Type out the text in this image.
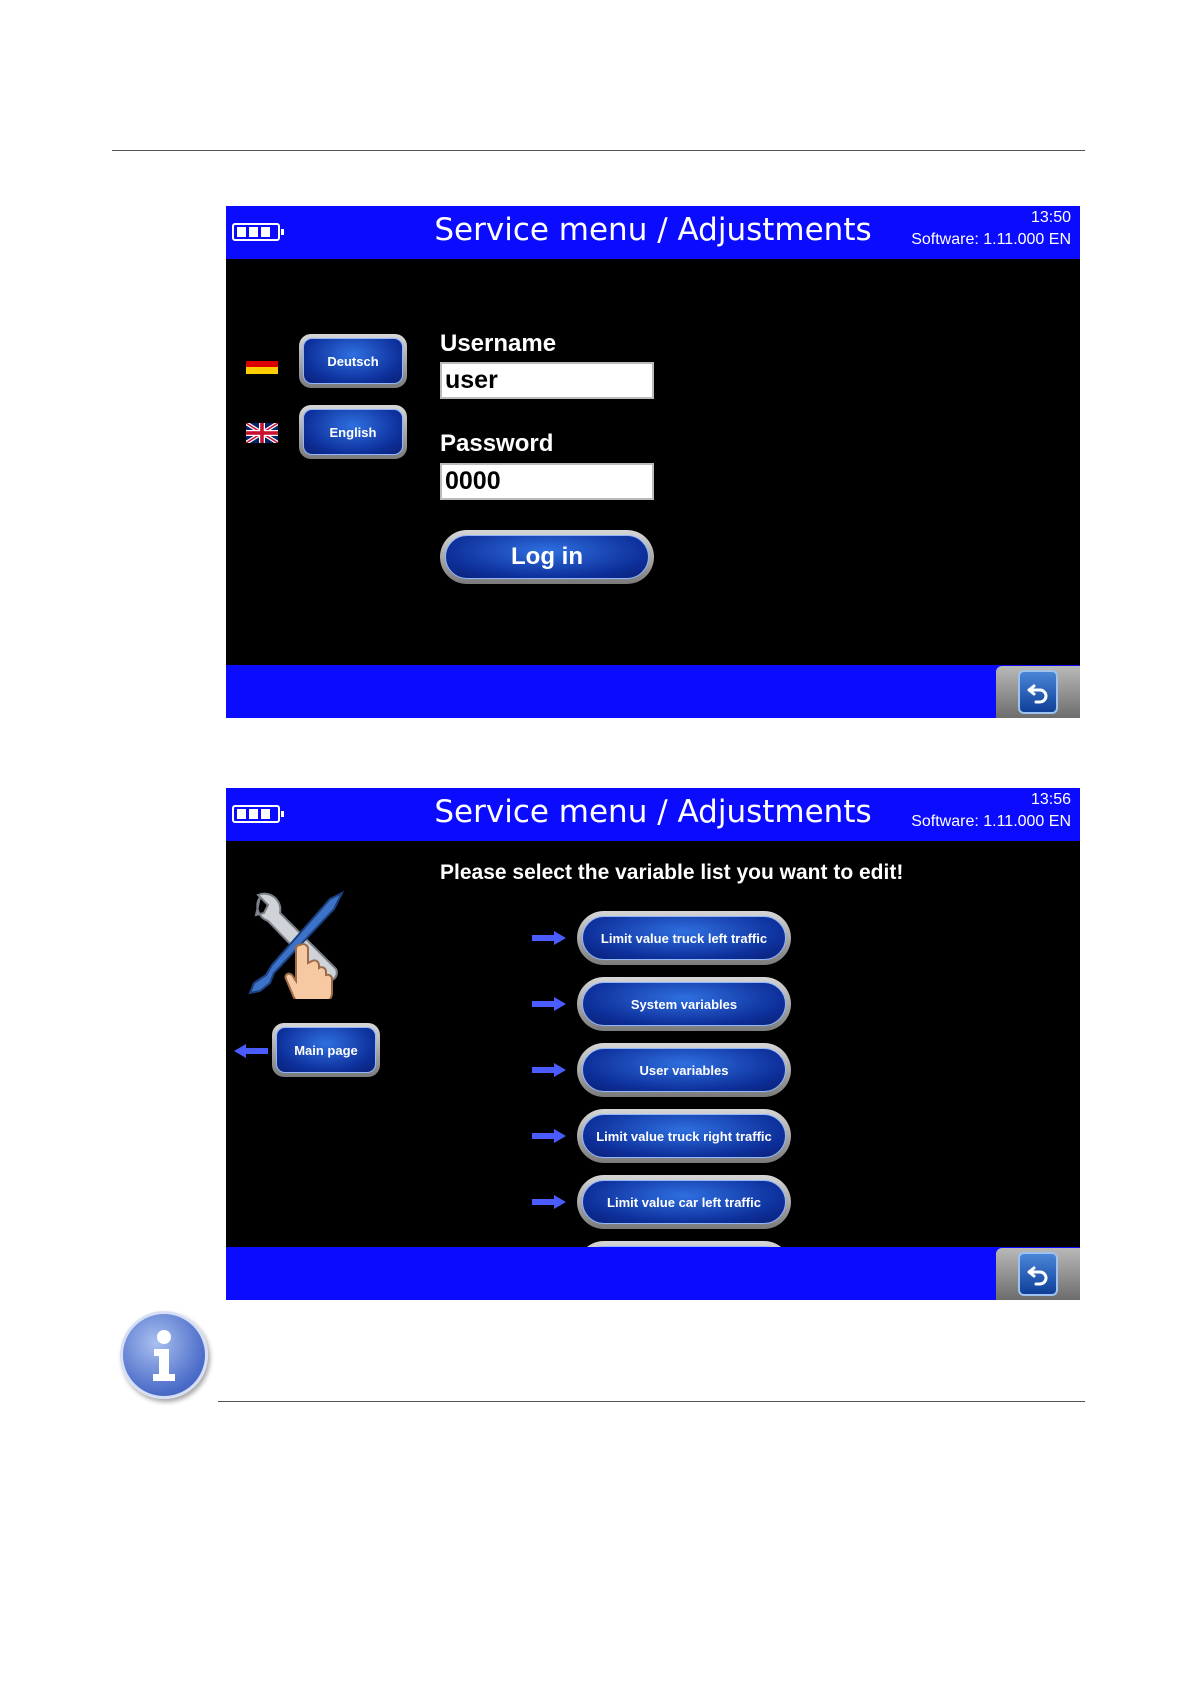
Service menu / Adjustments	13:50
Software: 1.11.000 EN
Deutsch
English
Username
user
Password
0000
Log in
Service menu / Adjustments	13:56
Software: 1.11.000 EN
Please select the variable list you want to edit!
Main page
Limit value truck left traffic
System variables
User variables
Limit value truck right traffic
Limit value car left traffic
